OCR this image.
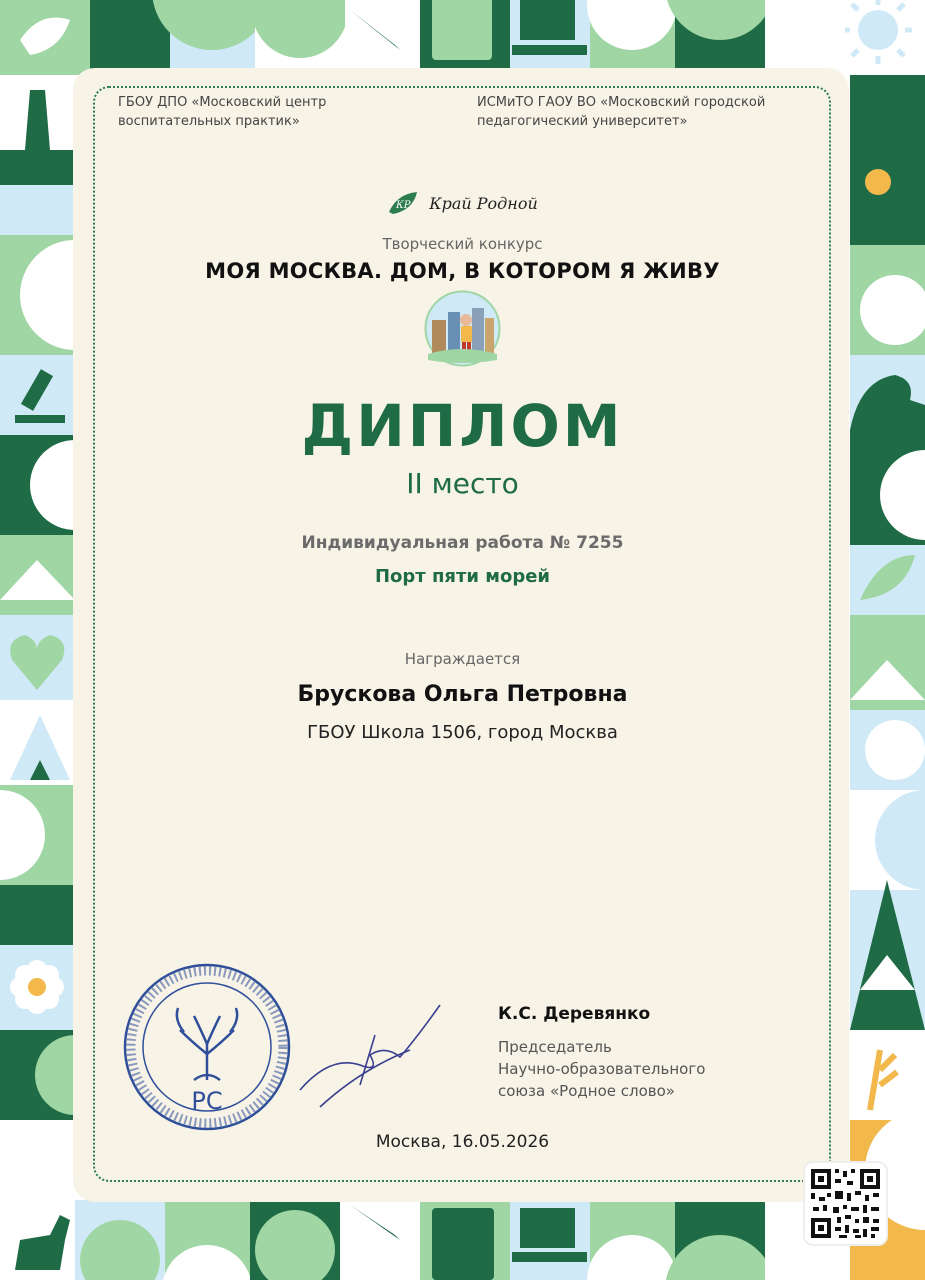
ГБОУ ДПО «Московский центр
воспитательных практик»
ИСМиТО ГАОУ ВО «Московский городской
педагогический университет»
КР Край Родной
Творческий конкурс
МОЯ МОСКВА. ДОМ, В КОТОРОМ Я ЖИВУ
ДИПЛОМ
II место
Индивидуальная работа № 7255
Порт пяти морей
Награждается
Брускова Ольга Петровна
ГБОУ Школа 1506, город Москва
РС
К.С. Деревянко
Председатель
Научно-образовательного
союза «Родное слово»
Москва, 16.05.2026
